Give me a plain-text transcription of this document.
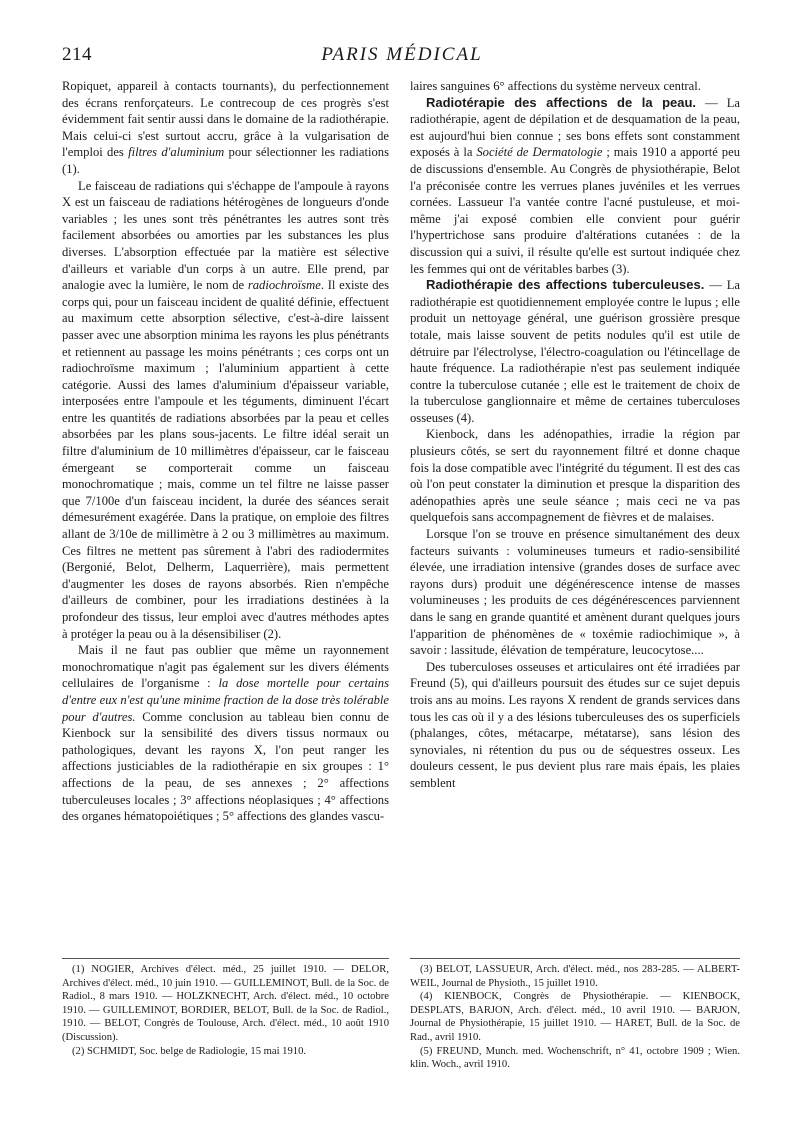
214	PARIS MÉDICAL

Ropiquet, appareil à contacts tournants), du perfectionnement des écrans renforçateurs. Le contrecoup de ces progrès s'est évidemment fait sentir aussi dans le domaine de la radiothérapie. Mais celui-ci s'est surtout accru, grâce à la vulgarisation de l'emploi des filtres d'aluminium pour sélectionner les radiations (1).

Le faisceau de radiations qui s'échappe de l'ampoule à rayons X est un faisceau de radiations hétérogènes de longueurs d'onde variables ; les unes sont très pénétrantes les autres sont très facilement absorbées ou amorties par les substances les plus diverses. L'absorption effectuée par la matière est sélective d'ailleurs et variable d'un corps à un autre. Elle prend, par analogie avec la lumière, le nom de radiochroïsme. Il existe des corps qui, pour un faisceau incident de qualité définie, effectuent au maximum cette absorption sélective, c'est-à-dire laissent passer avec une absorption minima les rayons les plus pénétrants et retiennent au passage les moins pénétrants ; ces corps ont un radiochroïsme maximum ; l'aluminium appartient à cette catégorie. Aussi des lames d'aluminium d'épaisseur variable, interposées entre l'ampoule et les téguments, diminuent l'écart entre les quantités de radiations absorbées par la peau et celles absorbées par les plans sous-jacents. Le filtre idéal serait un filtre d'aluminium de 10 millimètres d'épaisseur, car le faisceau émergeant se comporterait comme un faisceau monochromatique ; mais, comme un tel filtre ne laisse passer que 7/100e d'un faisceau incident, la durée des séances serait démesurément exagérée. Dans la pratique, on emploie des filtres allant de 3/10e de millimètre à 2 ou 3 millimètres au maximum. Ces filtres ne mettent pas sûrement à l'abri des radiodermites (Bergonié, Belot, Delherm, Laquerrière), mais permettent d'augmenter les doses de rayons absorbés. Rien n'empêche d'ailleurs de combiner, pour les irradiations destinées à la profondeur des tissus, leur emploi avec d'autres méthodes aptes à protéger la peau ou à la désensibiliser (2).

Mais il ne faut pas oublier que même un rayonnement monochromatique n'agit pas également sur les divers éléments cellulaires de l'organisme : la dose mortelle pour certains d'entre eux n'est qu'une minime fraction de la dose très tolérable pour d'autres. Comme conclusion au tableau bien connu de Kienbock sur la sensibilité des divers tissus normaux ou pathologiques, devant les rayons X, l'on peut ranger les affections justiciables de la radiothérapie en six groupes : 1° affections de la peau, de ses annexes ; 2° affections tuberculeuses locales ; 3° affections néoplasiques ; 4° affections des organes hématopoiétiques ; 5° affections des glandes vascu-

laires sanguines 6° affections du système nerveux central.

Radiotérapie des affections de la peau. — La radiothérapie, agent de dépilation et de desquamation de la peau, est aujourd'hui bien connue ; ses bons effets sont constamment exposés à la Société de Dermatologie ; mais 1910 a apporté peu de discussions d'ensemble. Au Congrès de physiothérapie, Belot l'a préconisée contre les verrues planes juvéniles et les verrues cornées. Lassueur l'a vantée contre l'acné pustuleuse, et moi-même j'ai exposé combien elle convient pour guérir l'hypertrichose sans produire d'altérations cutanées : de la discussion qui a suivi, il résulte qu'elle est surtout indiquée chez les femmes qui ont de véritables barbes (3).

Radiothérapie des affections tuberculeuses. — La radiothérapie est quotidiennement employée contre le lupus ; elle produit un nettoyage général, une guérison grossière presque totale, mais laisse souvent de petits nodules qu'il est utile de détruire par l'électrolyse, l'électro-coagulation ou l'étincellage de haute fréquence. La radiothérapie n'est pas seulement indiquée contre la tuberculose cutanée ; elle est le traitement de choix de la tuberculose ganglionnaire et même de certaines tuberculoses osseuses (4).

Kienbock, dans les adénopathies, irradie la région par plusieurs côtés, se sert du rayonnement filtré et donne chaque fois la dose compatible avec l'intégrité du tégument. Il est des cas où l'on peut constater la diminution et presque la disparition des adénopathies après une seule séance ; mais ceci ne va pas quelquefois sans accompagnement de fièvres et de malaises.

Lorsque l'on se trouve en présence simultanément des deux facteurs suivants : volumineuses tumeurs et radio-sensibilité élevée, une irradiation intensive (grandes doses de surface avec rayons durs) produit une dégénérescence intense de masses volumineuses ; les produits de ces dégénérescences parviennent dans le sang en grande quantité et amènent durant quelques jours l'apparition de phénomènes de « toxémie radiochimique », à savoir : lassitude, élévation de température, leucocytose....

Des tuberculoses osseuses et articulaires ont été irradiées par Freund (5), qui d'ailleurs poursuit des études sur ce sujet depuis trois ans au moins. Les rayons X rendent de grands services dans tous les cas où il y a des lésions tuberculeuses des os superficiels (phalanges, côtes, métacarpe, métatarse), sans lésion des synoviales, ni rétention du pus ou de séquestres osseux. Les douleurs cessent, le pus devient plus rare mais épais, les plaies semblent

(1) NOGIER, Archives d'élect. méd., 25 juillet 1910. — DELOR, Archives d'élect. méd., 10 juin 1910. — GUILLEMINOT, Bull. de la Soc. de Radiol., 8 mars 1910. — HOLZKNECHT, Arch. d'élect. méd., 10 octobre 1910. — GUILLEMINOT, BORDIER, BELOT, Bull. de la Soc. de Radiol., 1910. — BELOT, Congrès de Toulouse, Arch. d'élect. méd., 10 août 1910 (Discussion).

(2) SCHMIDT, Soc. belge de Radiologie, 15 mai 1910.

(3) BELOT, LASSUEUR, Arch. d'élect. méd., nos 283-285. — ALBERT-WEIL, Journal de Physioth., 15 juillet 1910.

(4) KIENBOCK, Congrès de Physiothérapie. — KIENBOCK, DESPLATS, BARJON, Arch. d'élect. méd., 10 avril 1910. — BARJON, Journal de Physiothérapie, 15 juillet 1910. — HARET, Bull. de la Soc. de Rad., avril 1910.

(5) FREUND, Munch. med. Wochenschrift, n° 41, octobre 1909 ; Wien. klin. Woch., avril 1910.
